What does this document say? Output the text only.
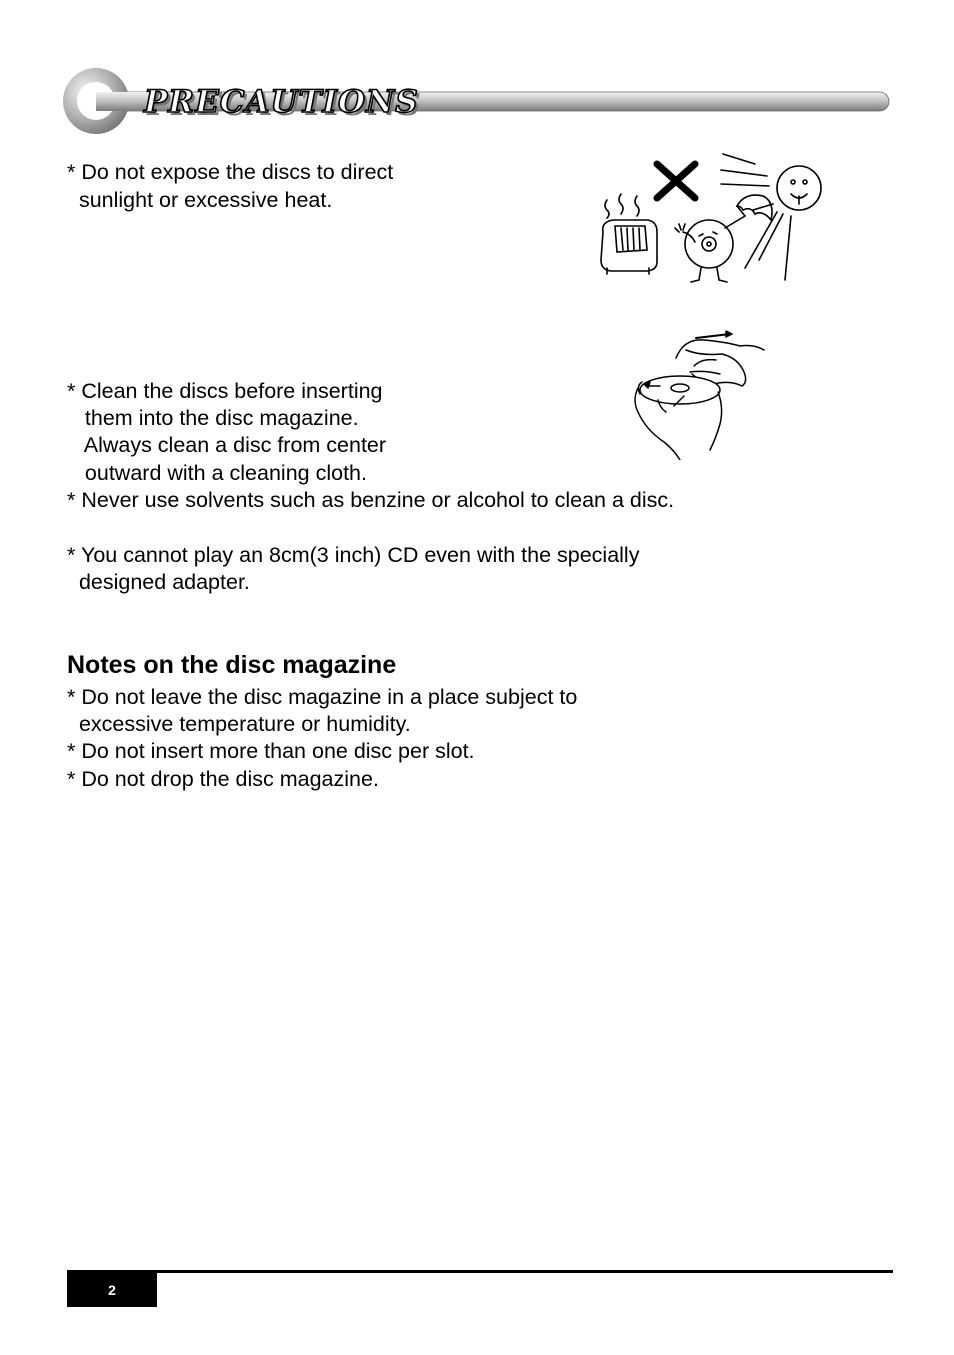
PRECAUTIONS
* Do not expose the discs to direct
sunlight or excessive heat.
* Clean the discs before inserting
them into the disc magazine.
Always clean a disc from center
outward with a cleaning cloth.
* Never use solvents such as benzine or alcohol to clean a disc.
* You cannot play an 8cm(3 inch) CD even with the specially
designed adapter.
Notes on the disc magazine
* Do not leave the disc magazine in a place subject to
excessive temperature or humidity.
* Do not insert more than one disc per slot.
* Do not drop the disc magazine.
2
